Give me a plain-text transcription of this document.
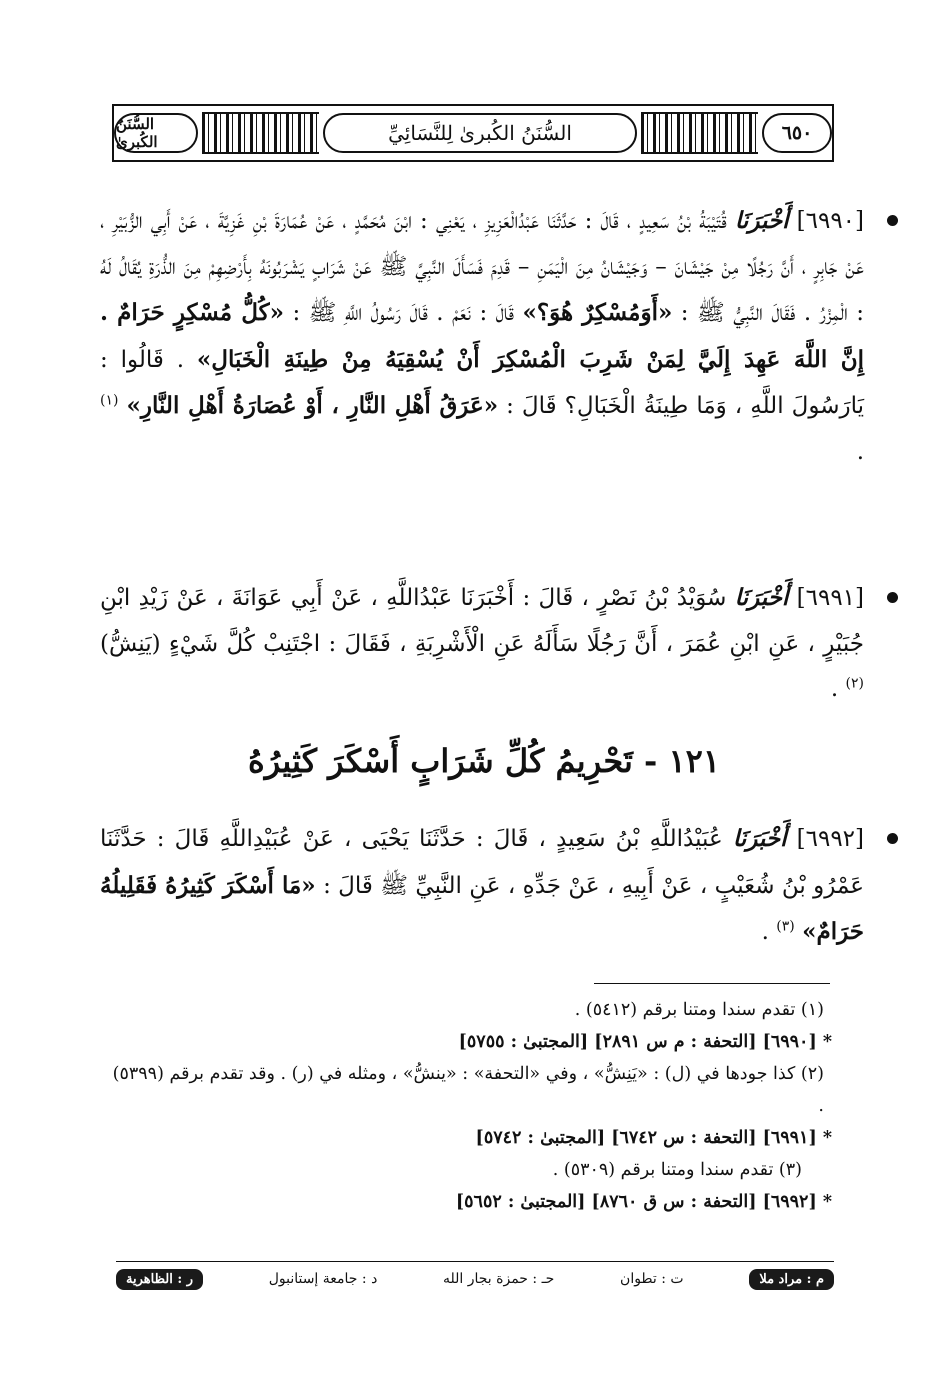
السُّنَنُ الكُبرىٰ	السُّنَنُ الكُبرىٰ لِلنَّسَائِيِّ	٦٥٠

[٦٩٩٠] أَخْبَرَنَا قُتَيْبَةُ بْنُ سَعِيدٍ ، قَالَ : حَدَّثَنَا عَبْدُالْعَزِيزِ ، يَعْنِي : ابْنَ مُحَمَّدٍ ، عَنْ عُمَارَةَ بْنِ غَزِيَّةَ ، عَنْ أَبِي الزُّبَيْرِ ، عَنْ جَابِرٍ ، أَنَّ رَجُلًا مِنْ جَيْشَانَ – وَجَيْشَانُ مِنَ الْيَمَنِ – قَدِمَ فَسَأَلَ النَّبِيَّ ﷺ عَنْ شَرَابٍ يَشْرَبُونَهُ بِأَرْضِهِمْ مِنَ الذُّرَةِ يُقَالُ لَهُ : الْمِزْرُ . فَقَالَ النَّبِيُّ ﷺ : «أَوَمُسْكِرٌ هُوَ؟» قَالَ : نَعَمْ . قَالَ رَسُولُ اللَّهِ ﷺ : «كُلُّ مُسْكِرٍ حَرَامٌ . إِنَّ اللَّهَ عَهِدَ إِلَيَّ لِمَنْ شَرِبَ الْمُسْكِرَ أَنْ يُسْقِيَهُ مِنْ طِينَةِ الْخَبَالِ» . قَالُوا : يَارَسُولَ اللَّهِ ، وَمَا طِينَةُ الْخَبَالِ؟ قَالَ : «عَرَقُ أَهْلِ النَّارِ ، أَوْ عُصَارَةُ أَهْلِ النَّارِ» $^{(١)}$ .

[٦٩٩١] أَخْبَرَنَا سُوَيْدُ بْنُ نَصْرٍ ، قَالَ : أَخْبَرَنَا عَبْدُاللَّهِ ، عَنْ أَبِي عَوَانَةَ ، عَنْ زَيْدِ ابْنِ جُبَيْرٍ ، عَنِ ابْنِ عُمَرَ ، أَنَّ رَجُلًا سَأَلَهُ عَنِ الْأَشْرِبَةِ ، فَقَالَ : اجْتَنِبْ كُلَّ شَيْءٍ (يَنِشُّ) $^{(٢)}$ .

١٢١ - تَحْرِيمُ كُلِّ شَرَابٍ أَسْكَرَ كَثِيرُهُ

[٦٩٩٢] أَخْبَرَنَا عُبَيْدُاللَّهِ بْنُ سَعِيدٍ ، قَالَ : حَدَّثَنَا يَحْيَى ، عَنْ عُبَيْدِاللَّهِ قَالَ : حَدَّثَنَا عَمْرُو بْنُ شُعَيْبٍ ، عَنْ أَبِيهِ ، عَنْ جَدِّهِ ، عَنِ النَّبِيِّ ﷺ قَالَ : «مَا أَسْكَرَ كَثِيرُهُ فَقَلِيلُهُ حَرَامٌ» $^{(٣)}$ .

(١) تقدم سندا ومتنا برقم (٥٤١٢) .

* [٦٩٩٠] [التحفة : م س ٢٨٩١] [المجتبىٰ : ٥٧٥٥]

(٢) كذا جودها في (ل) : «يَنِشُّ» ، وفي «التحفة» : «ينشُّ» ، ومثله في (ر) . وقد تقدم برقم (٥٣٩٩) .

* [٦٩٩١] [التحفة : س ٦٧٤٢] [المجتبىٰ : ٥٧٤٢]

(٣) تقدم سندا ومتنا برقم (٥٣٠٩) .

* [٦٩٩٢] [التحفة : س ق ٨٧٦٠] [المجتبىٰ : ٥٦٥٢]

م : مراد ملا
ت : تطوان
حـ : حمزة بجار الله
د : جامعة إستانبول
ر : الظاهرية
